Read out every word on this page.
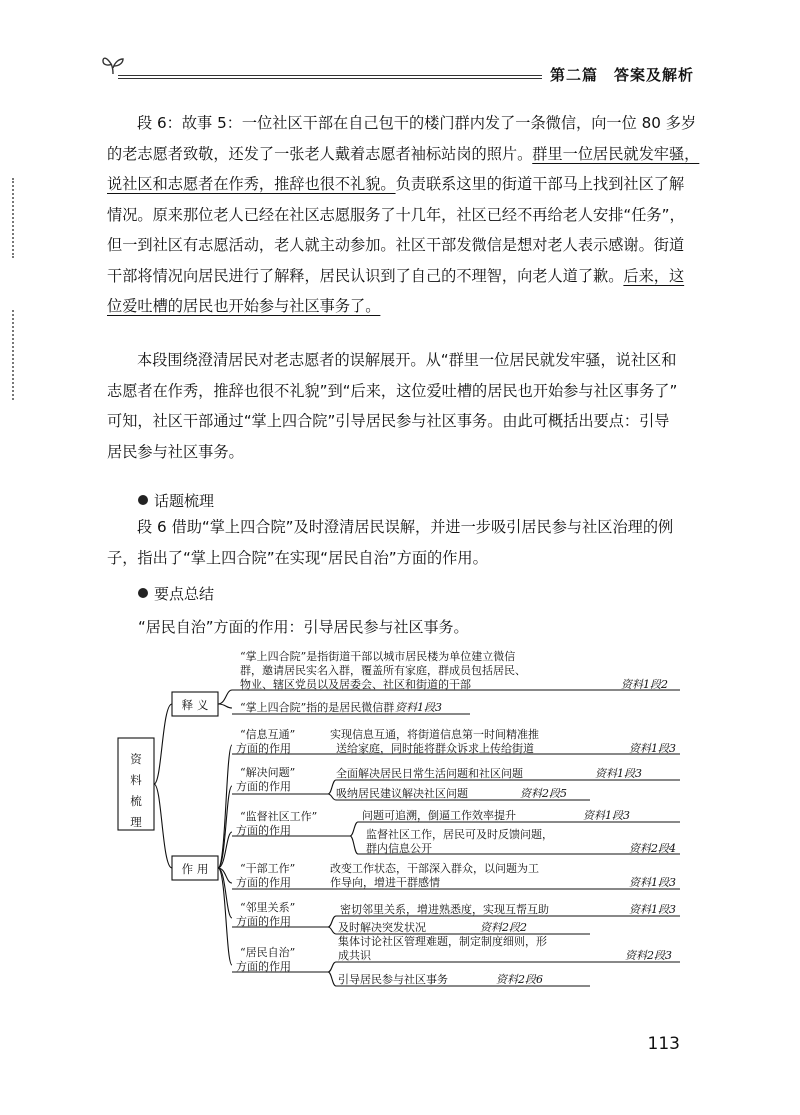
第二篇　答案及解析
段 6：故事 5：一位社区干部在自己包干的楼门群内发了一条微信，向一位 80 多岁
的老志愿者致敬，还发了一张老人戴着志愿者袖标站岗的照片。群里一位居民就发牢骚，
说社区和志愿者在作秀，推辞也很不礼貌。负责联系这里的街道干部马上找到社区了解
情况。原来那位老人已经在社区志愿服务了十几年，社区已经不再给老人安排“任务”，
但一到社区有志愿活动，老人就主动参加。社区干部发微信是想对老人表示感谢。街道
干部将情况向居民进行了解释，居民认识到了自己的不理智，向老人道了歉。后来，这
位爱吐槽的居民也开始参与社区事务了。
本段围绕澄清居民对老志愿者的误解展开。从“群里一位居民就发牢骚，说社区和
志愿者在作秀，推辞也很不礼貌”到“后来，这位爱吐槽的居民也开始参与社区事务了”
可知，社区干部通过“掌上四合院”引导居民参与社区事务。由此可概括出要点：引导
居民参与社区事务。
话题梳理
段 6 借助“掌上四合院”及时澄清居民误解，并进一步吸引居民参与社区治理的例
子，指出了“掌上四合院”在实现“居民自治”方面的作用。
要点总结
“居民自治”方面的作用：引导居民参与社区事务。
资
料
梳
理
释 义
作 用
“掌上四合院”是指街道干部以城市居民楼为单位建立微信
群，邀请居民实名入群，覆盖所有家庭，群成员包括居民、
物业、辖区党员以及居委会、社区和街道的干部	资料1段2
“掌上四合院”指的是居民微信群 资料1段3
“信息互通”
方面的作用
实现信息互通，将街道信息第一时间精准推
送给家庭，同时能将群众诉求上传给街道	资料1段3
“解决问题”
方面的作用
全面解决居民日常生活问题和社区问题	资料1段3
吸纳居民建议解决社区问题	资料2段5
“监督社区工作”
方面的作用
问题可追溯，倒逼工作效率提升	资料1段3
监督社区工作，居民可及时反馈问题，
群内信息公开	资料2段4
“干部工作”
方面的作用
改变工作状态，干部深入群众，以问题为工
作导向，增进干群感情	资料1段3
“邻里关系”
方面的作用
密切邻里关系，增进熟悉度，实现互帮互助	资料1段3
及时解决突发状况	资料2段2
“居民自治”
方面的作用
集体讨论社区管理难题，制定制度细则，形
成共识	资料2段3
引导居民参与社区事务	资料2段6
113
